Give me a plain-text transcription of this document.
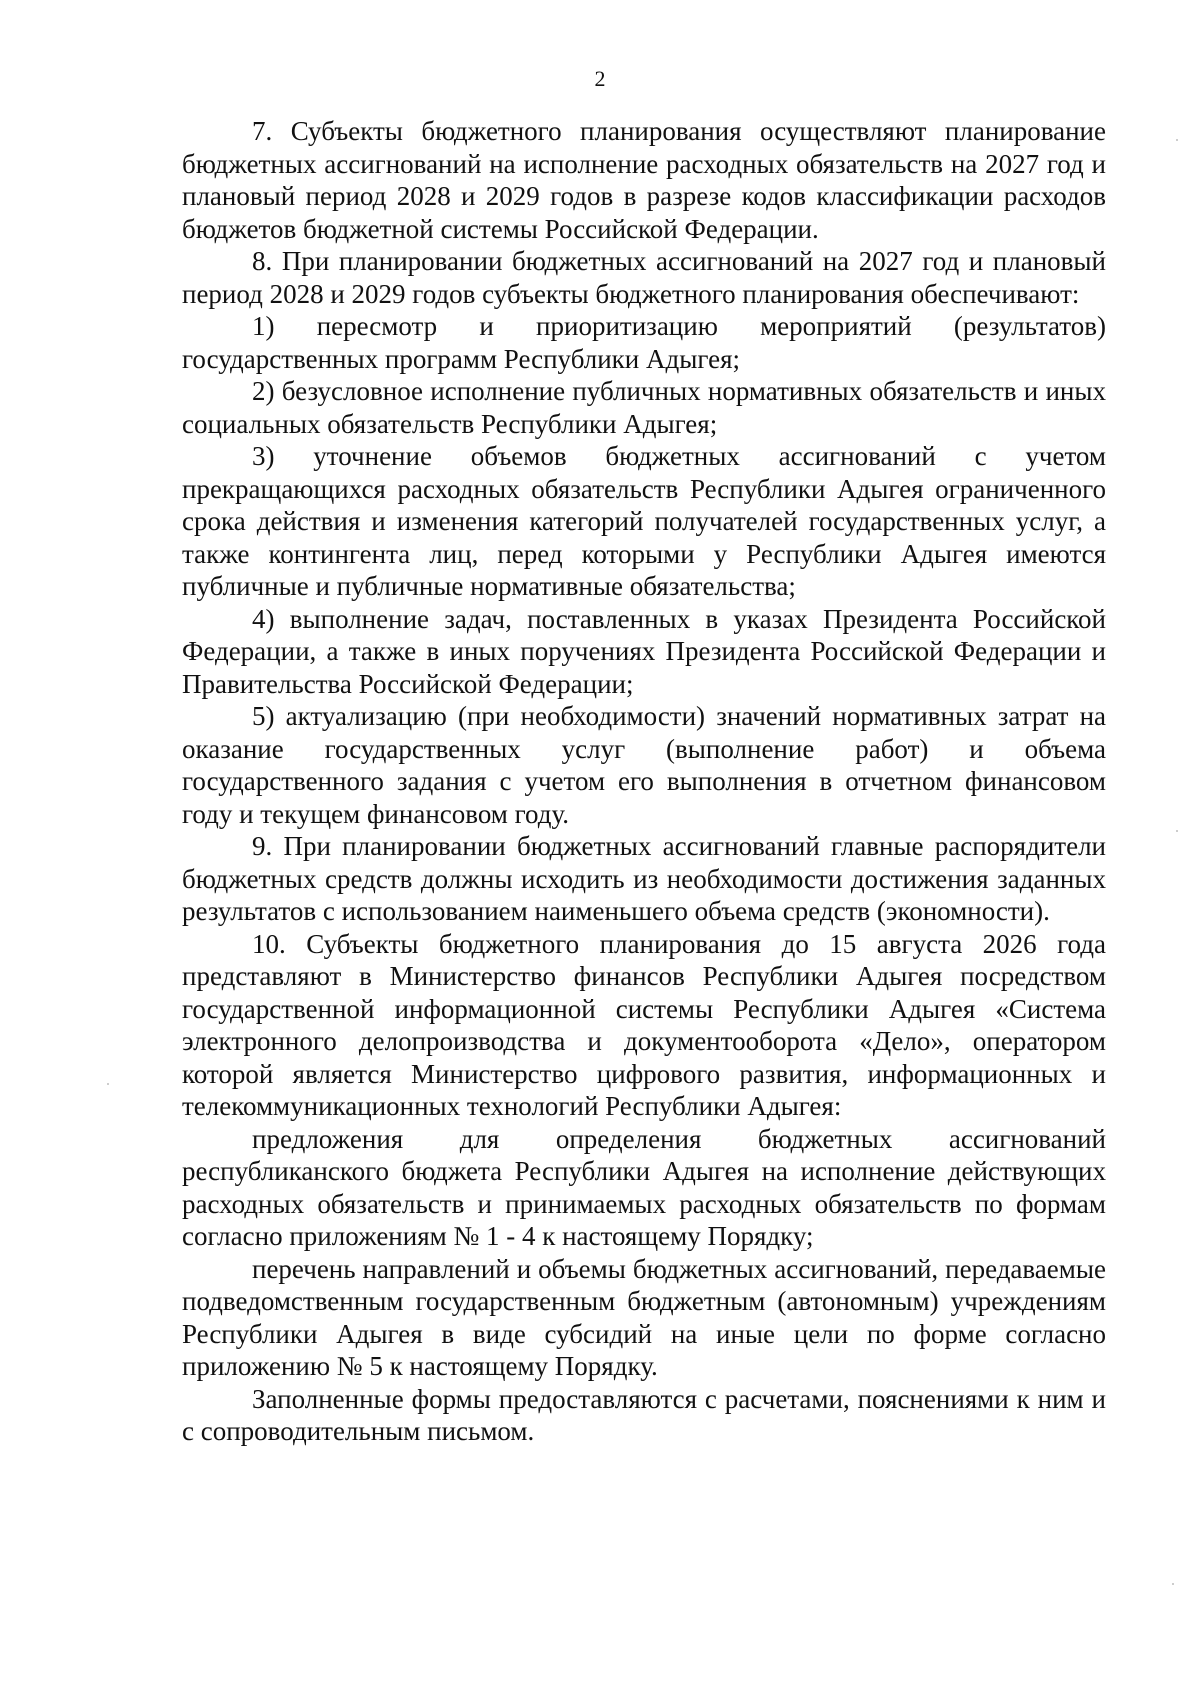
2

7. Субъекты бюджетного планирования осуществляют планирование бюджетных ассигнований на исполнение расходных обязательств на 2027 год и плановый период 2028 и 2029 годов в разрезе кодов классификации расходов бюджетов бюджетной системы Российской Федерации.

8. При планировании бюджетных ассигнований на 2027 год и плановый период 2028 и 2029 годов субъекты бюджетного планирования обеспечивают:

1) пересмотр и приоритизацию мероприятий (результатов) государственных программ Республики Адыгея;

2) безусловное исполнение публичных нормативных обязательств и иных социальных обязательств Республики Адыгея;

3) уточнение объемов бюджетных ассигнований с учетом прекращающихся расходных обязательств Республики Адыгея ограниченного срока действия и изменения категорий получателей государственных услуг, а также контингента лиц, перед которыми у Республики Адыгея имеются публичные и публичные нормативные обязательства;

4) выполнение задач, поставленных в указах Президента Российской Федерации, а также в иных поручениях Президента Российской Федерации и Правительства Российской Федерации;

5) актуализацию (при необходимости) значений нормативных затрат на оказание государственных услуг (выполнение работ) и объема государственного задания с учетом его выполнения в отчетном финансовом году и текущем финансовом году.

9. При планировании бюджетных ассигнований главные распорядители бюджетных средств должны исходить из необходимости достижения заданных результатов с использованием наименьшего объема средств (экономности).

10. Субъекты бюджетного планирования до 15 августа 2026 года представляют в Министерство финансов Республики Адыгея посредством государственной информационной системы Республики Адыгея «Система электронного делопроизводства и документооборота «Дело», оператором которой является Министерство цифрового развития, информационных и телекоммуникационных технологий Республики Адыгея:

предложения для определения бюджетных ассигнований республиканского бюджета Республики Адыгея на исполнение действующих расходных обязательств и принимаемых расходных обязательств по формам согласно приложениям № 1 - 4 к настоящему Порядку;

перечень направлений и объемы бюджетных ассигнований, передаваемые подведомственным государственным бюджетным (автономным) учреждениям Республики Адыгея в виде субсидий на иные цели по форме согласно приложению № 5 к настоящему Порядку.

Заполненные формы предоставляются с расчетами, пояснениями к ним и с сопроводительным письмом.
